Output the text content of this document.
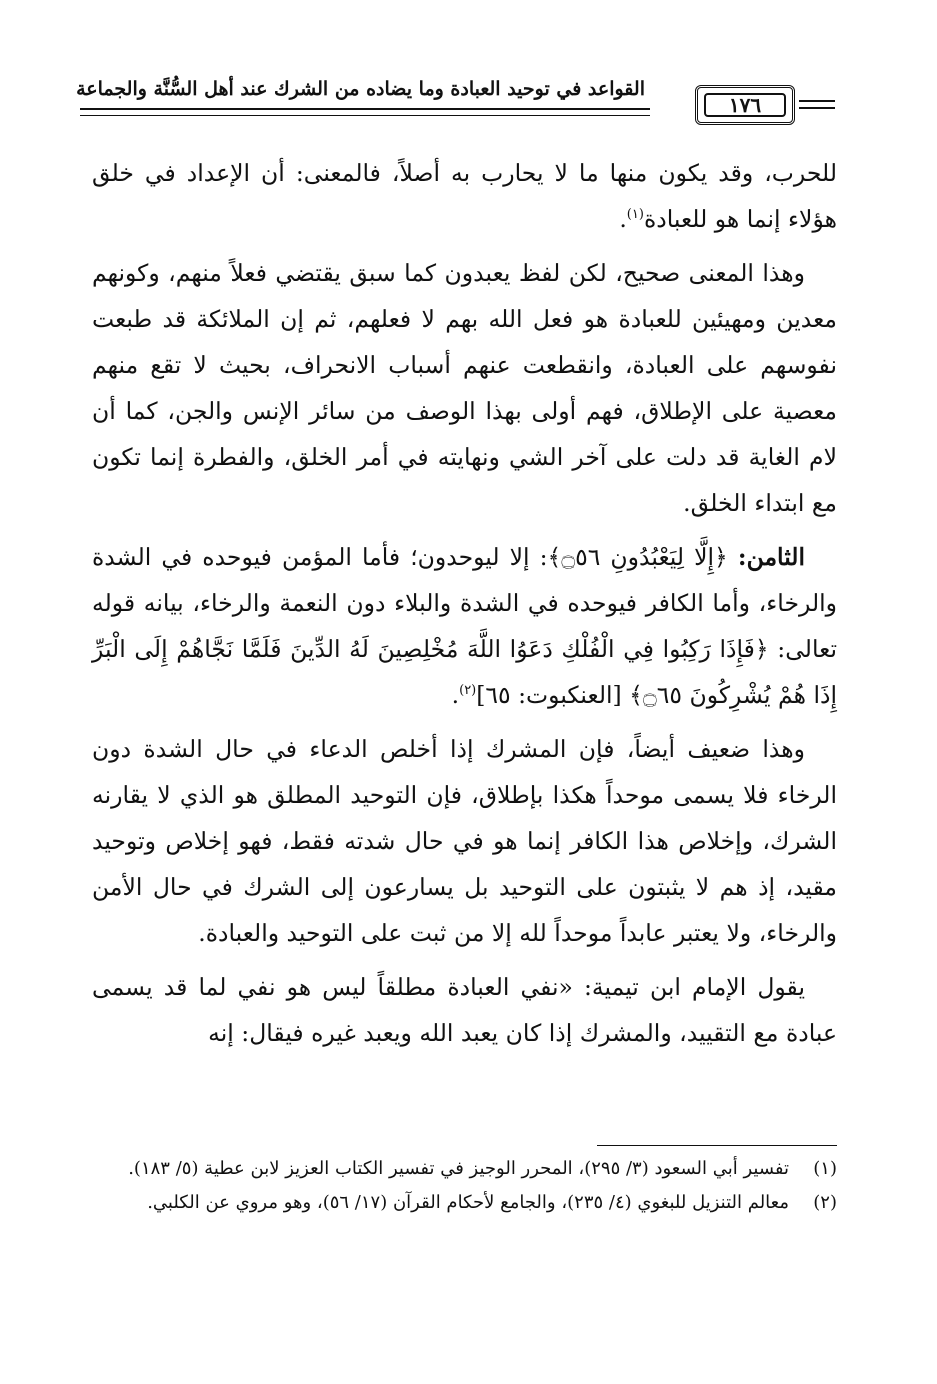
القواعد في توحيد العبادة وما يضاده من الشرك عند أهل السُّنَّة والجماعة
١٧٦

للحرب، وقد يكون منها ما لا يحارب به أصلاً، فالمعنى: أن الإعداد في خلق هؤلاء إنما هو للعبادة$^{(١)}$.

وهذا المعنى صحيح، لكن لفظ يعبدون كما سبق يقتضي فعلاً منهم، وكونهم معدين ومهيئين للعبادة هو فعل الله بهم لا فعلهم، ثم إن الملائكة قد طبعت نفوسهم على العبادة، وانقطعت عنهم أسباب الانحراف، بحيث لا تقع منهم معصية على الإطلاق، فهم أولى بهذا الوصف من سائر الإنس والجن، كما أن لام الغاية قد دلت على آخر الشي ونهايته في أمر الخلق، والفطرة إنما تكون مع ابتداء الخلق.

الثامن: ﴿إِلَّا لِيَعْبُدُونِ ۝٥٦﴾: إلا ليوحدون؛ فأما المؤمن فيوحده في الشدة والرخاء، وأما الكافر فيوحده في الشدة والبلاء دون النعمة والرخاء، بيانه قوله تعالى: ﴿فَإِذَا رَكِبُوا فِي الْفُلْكِ دَعَوُا اللَّهَ مُخْلِصِينَ لَهُ الدِّينَ فَلَمَّا نَجَّاهُمْ إِلَى الْبَرِّ إِذَا هُمْ يُشْرِكُونَ ۝٦٥﴾ [العنكبوت: ٦٥]$^{(٢)}$.

وهذا ضعيف أيضاً، فإن المشرك إذا أخلص الدعاء في حال الشدة دون الرخاء فلا يسمى موحداً هكذا بإطلاق، فإن التوحيد المطلق هو الذي لا يقارنه الشرك، وإخلاص هذا الكافر إنما هو في حال شدته فقط، فهو إخلاص وتوحيد مقيد، إذ هم لا يثبتون على التوحيد بل يسارعون إلى الشرك في حال الأمن والرخاء، ولا يعتبر عابداً موحداً لله إلا من ثبت على التوحيد والعبادة.

يقول الإمام ابن تيمية: «نفي العبادة مطلقاً ليس هو نفي لما قد يسمى عبادة مع التقييد، والمشرك إذا كان يعبد الله ويعبد غيره فيقال: إنه

(١)
تفسير أبي السعود (٣/ ٢٩٥)، المحرر الوجيز في تفسير الكتاب العزيز لابن عطية (٥/ ١٨٣).
(٢)
معالم التنزيل للبغوي (٤/ ٢٣٥)، والجامع لأحكام القرآن (١٧/ ٥٦)، وهو مروي عن الكلبي.
